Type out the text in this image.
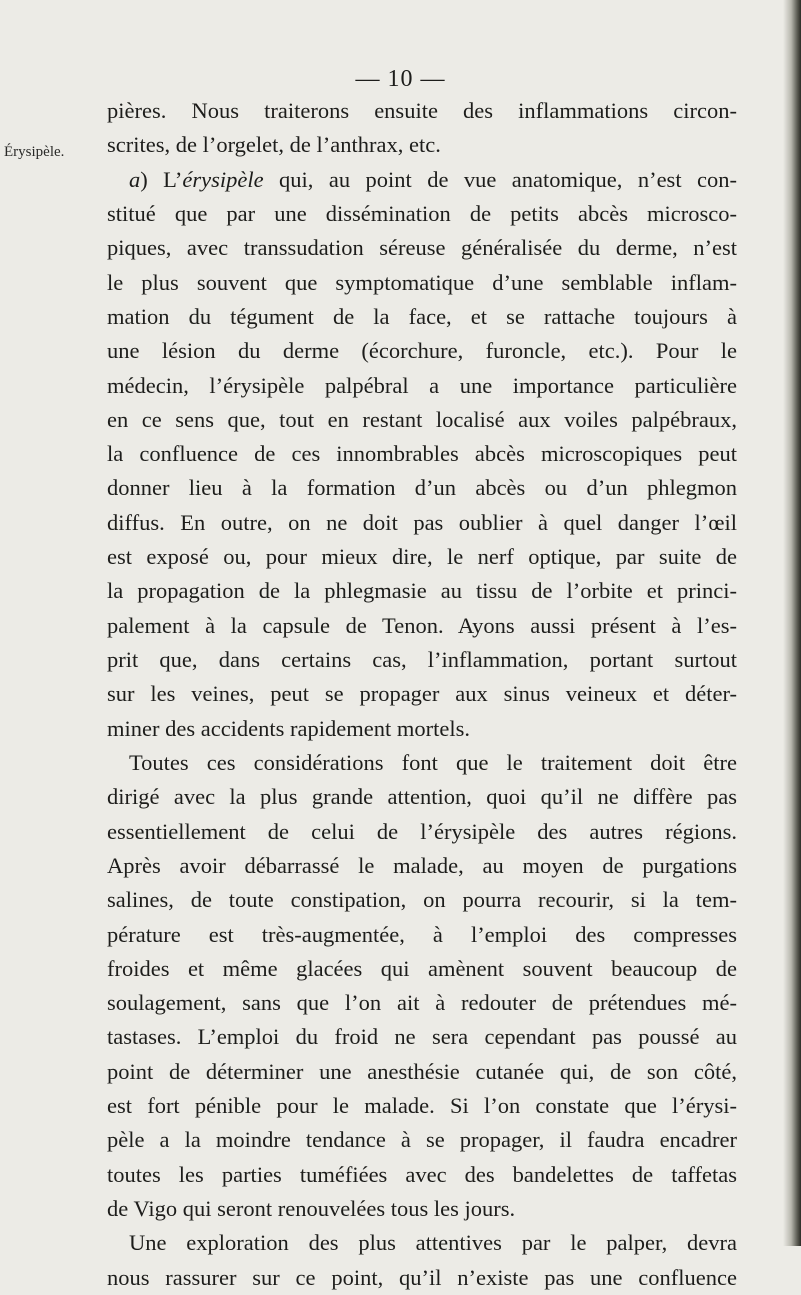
— 10 —
Érysipèle.
pières. Nous traiterons ensuite des inflammations circon-
scrites, de l’orgelet, de l’anthrax, etc.
a) L’érysipèle qui, au point de vue anatomique, n’est con-
stitué que par une dissémination de petits abcès microsco-
piques, avec transsudation séreuse généralisée du derme, n’est
le plus souvent que symptomatique d’une semblable inflam-
mation du tégument de la face, et se rattache toujours à
une lésion du derme (écorchure, furoncle, etc.). Pour le
médecin, l’érysipèle palpébral a une importance particulière
en ce sens que, tout en restant localisé aux voiles palpébraux,
la confluence de ces innombrables abcès microscopiques peut
donner lieu à la formation d’un abcès ou d’un phlegmon
diffus. En outre, on ne doit pas oublier à quel danger l’œil
est exposé ou, pour mieux dire, le nerf optique, par suite de
la propagation de la phlegmasie au tissu de l’orbite et princi-
palement à la capsule de Tenon. Ayons aussi présent à l’es-
prit que, dans certains cas, l’inflammation, portant surtout
sur les veines, peut se propager aux sinus veineux et déter-
miner des accidents rapidement mortels.
Toutes ces considérations font que le traitement doit être
dirigé avec la plus grande attention, quoi qu’il ne diffère pas
essentiellement de celui de l’érysipèle des autres régions.
Après avoir débarrassé le malade, au moyen de purgations
salines, de toute constipation, on pourra recourir, si la tem-
pérature est très-augmentée, à l’emploi des compresses
froides et même glacées qui amènent souvent beaucoup de
soulagement, sans que l’on ait à redouter de prétendues mé-
tastases. L’emploi du froid ne sera cependant pas poussé au
point de déterminer une anesthésie cutanée qui, de son côté,
est fort pénible pour le malade. Si l’on constate que l’érysi-
pèle a la moindre tendance à se propager, il faudra encadrer
toutes les parties tuméfiées avec des bandelettes de taffetas
de Vigo qui seront renouvelées tous les jours.
Une exploration des plus attentives par le palper, devra
nous rassurer sur ce point, qu’il n’existe pas une confluence
